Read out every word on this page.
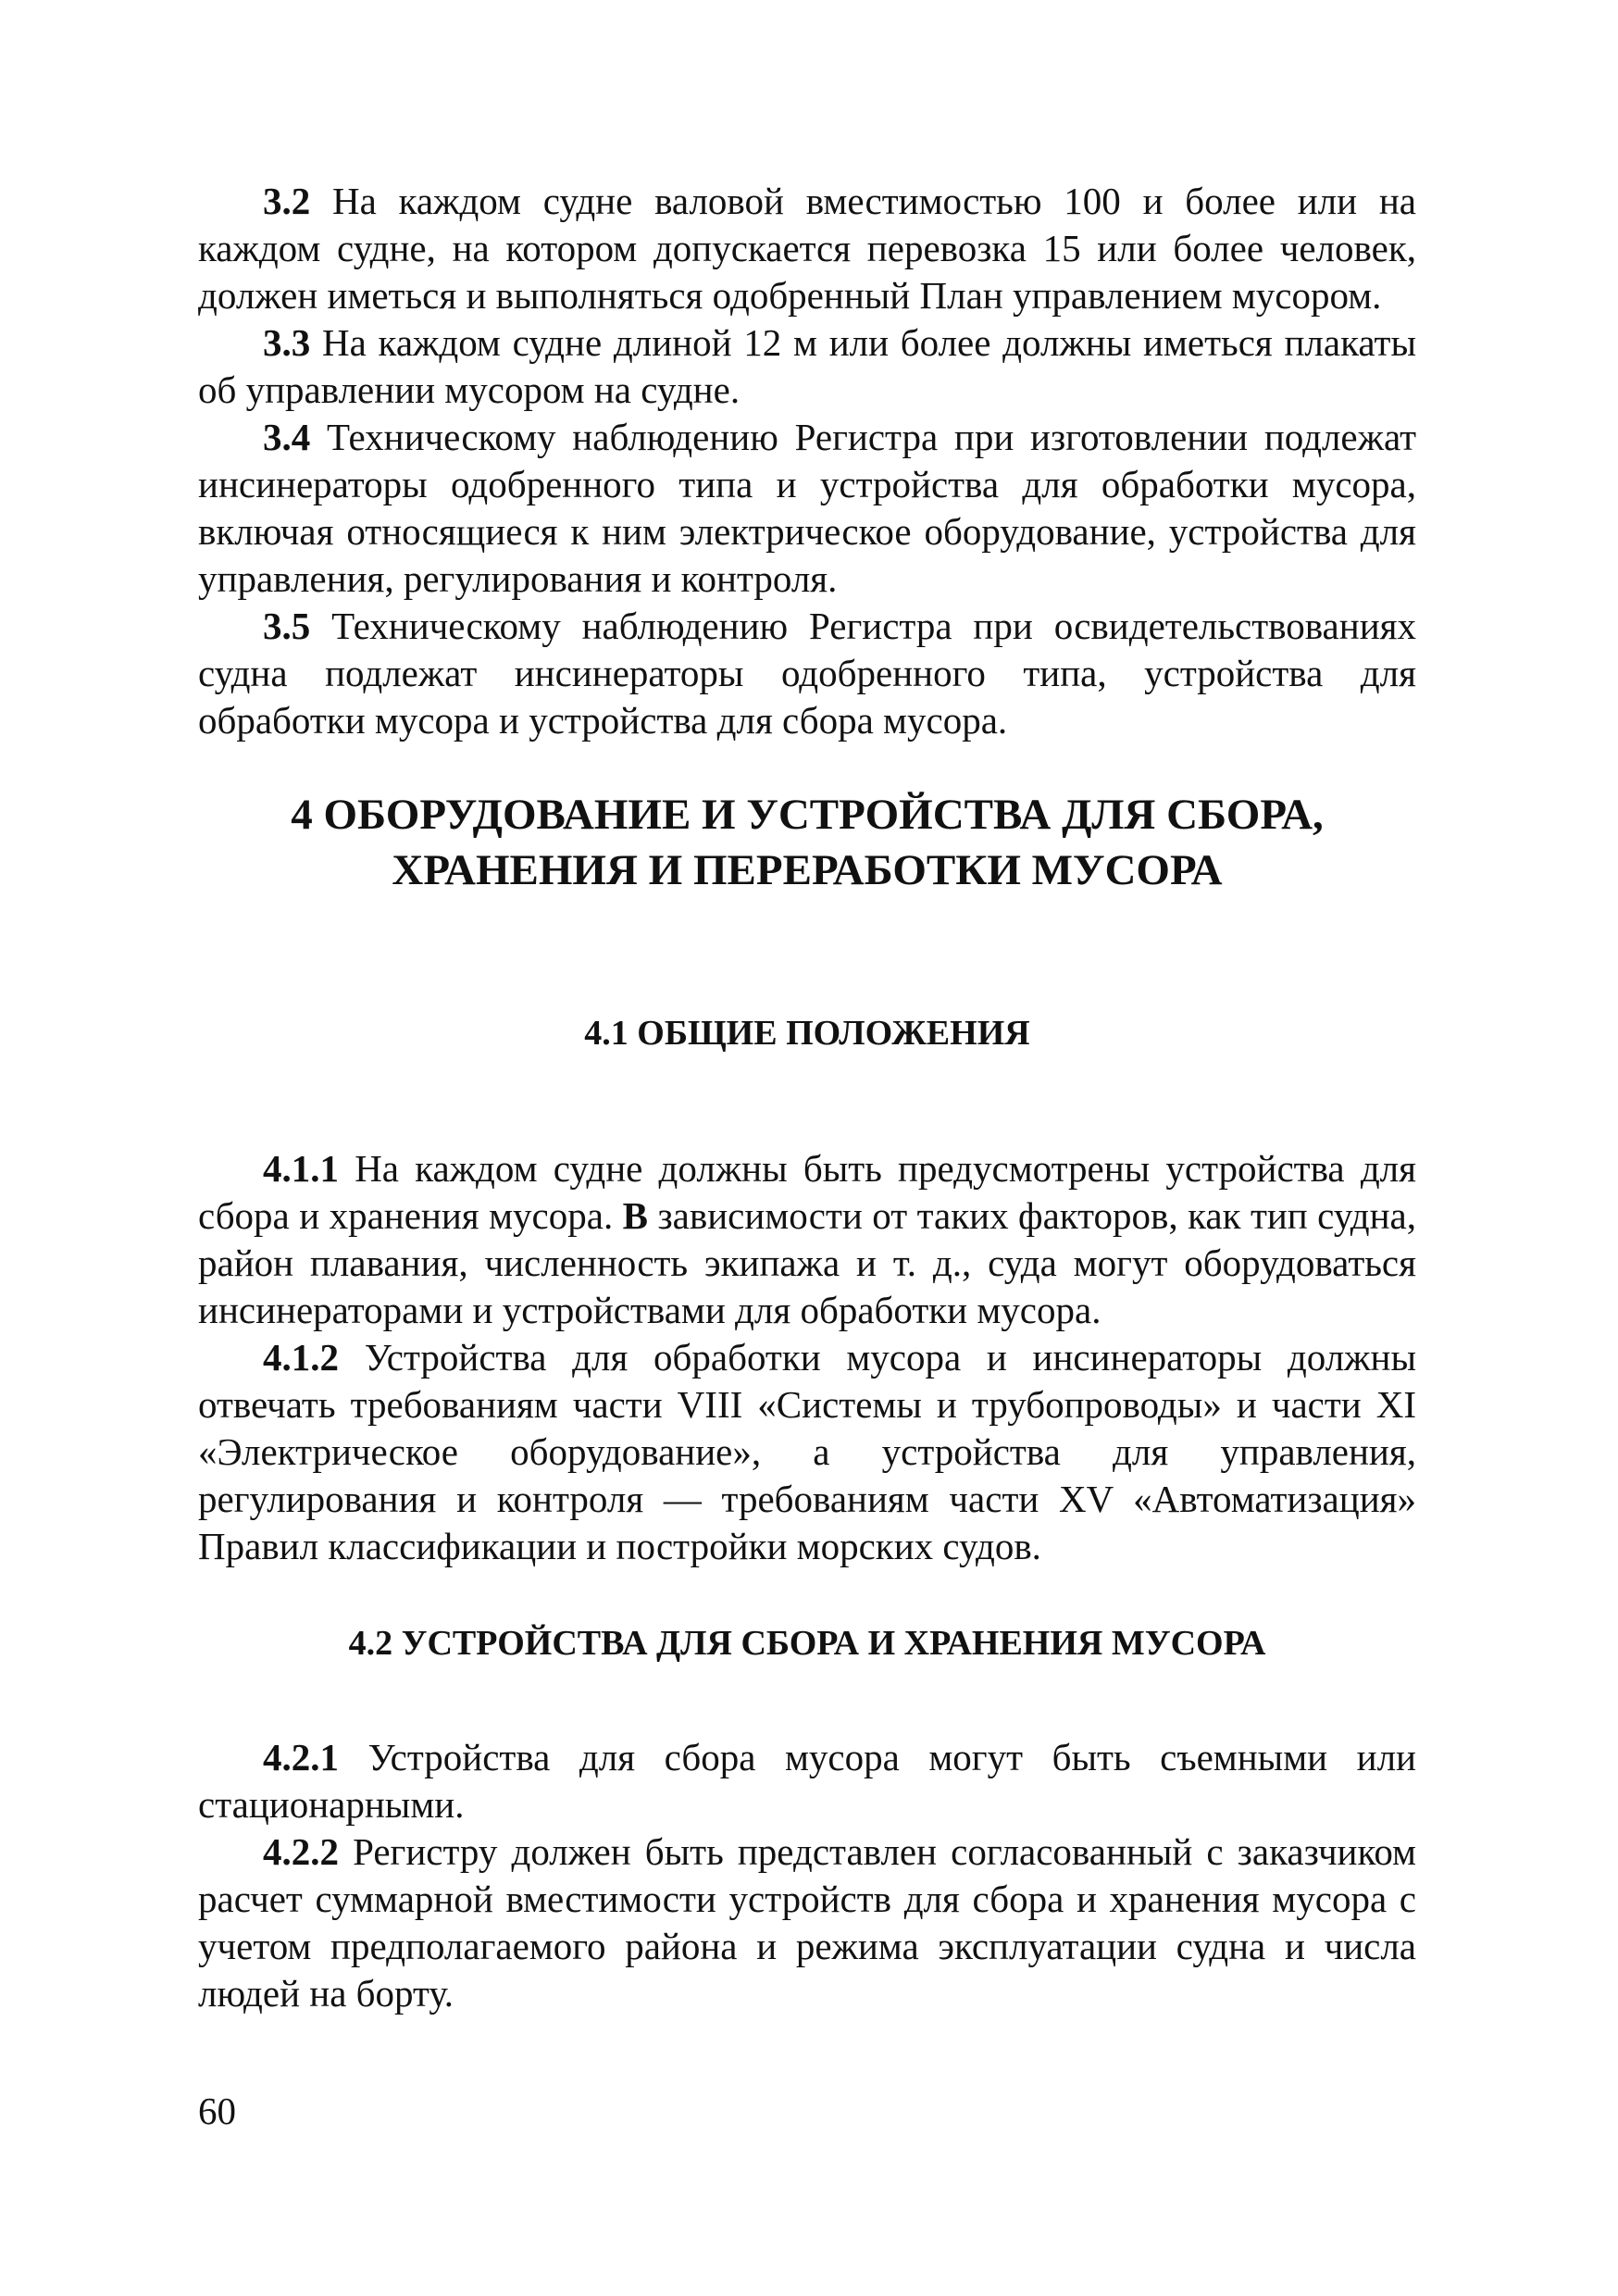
3.2 На каждом судне валовой вместимостью 100 и более или на каждом судне, на котором допускается перевозка 15 или более человек, должен иметься и выполняться одобренный План управлением мусором.

3.3 На каждом судне длиной 12 м или более должны иметься плакаты об управлении мусором на судне.

3.4 Техническому наблюдению Регистра при изготовлении подлежат инсинераторы одобренного типа и устройства для обработки мусора, включая относящиеся к ним электрическое оборудование, устройства для управления, регулирования и контроля.

3.5 Техническому наблюдению Регистра при освидетельствованиях судна подлежат инсинераторы одобренного типа, устройства для обработки мусора и устройства для сбора мусора.

4 ОБОРУДОВАНИЕ И УСТРОЙСТВА ДЛЯ СБОРА,
ХРАНЕНИЯ И ПЕРЕРАБОТКИ МУСОРА
4.1 ОБЩИЕ ПОЛОЖЕНИЯ

4.1.1 На каждом судне должны быть предусмотрены устройства для сбора и хранения мусора. В зависимости от таких факторов, как тип судна, район плавания, численность экипажа и т. д., суда могут оборудоваться инсинераторами и устройствами для обработки мусора.

4.1.2 Устройства для обработки мусора и инсинераторы должны отвечать требованиям части VIII «Системы и трубопроводы» и части XI «Электрическое оборудование», а устройства для управления, регулирования и контроля — требованиям части XV «Автоматизация» Правил классификации и постройки морских судов.

4.2 УСТРОЙСТВА ДЛЯ СБОРА И ХРАНЕНИЯ МУСОРА

4.2.1 Устройства для сбора мусора могут быть съемными или стационарными.

4.2.2 Регистру должен быть представлен согласованный с заказчиком расчет суммарной вместимости устройств для сбора и хранения мусора с учетом предполагаемого района и режима эксплуатации судна и числа людей на борту.

60
